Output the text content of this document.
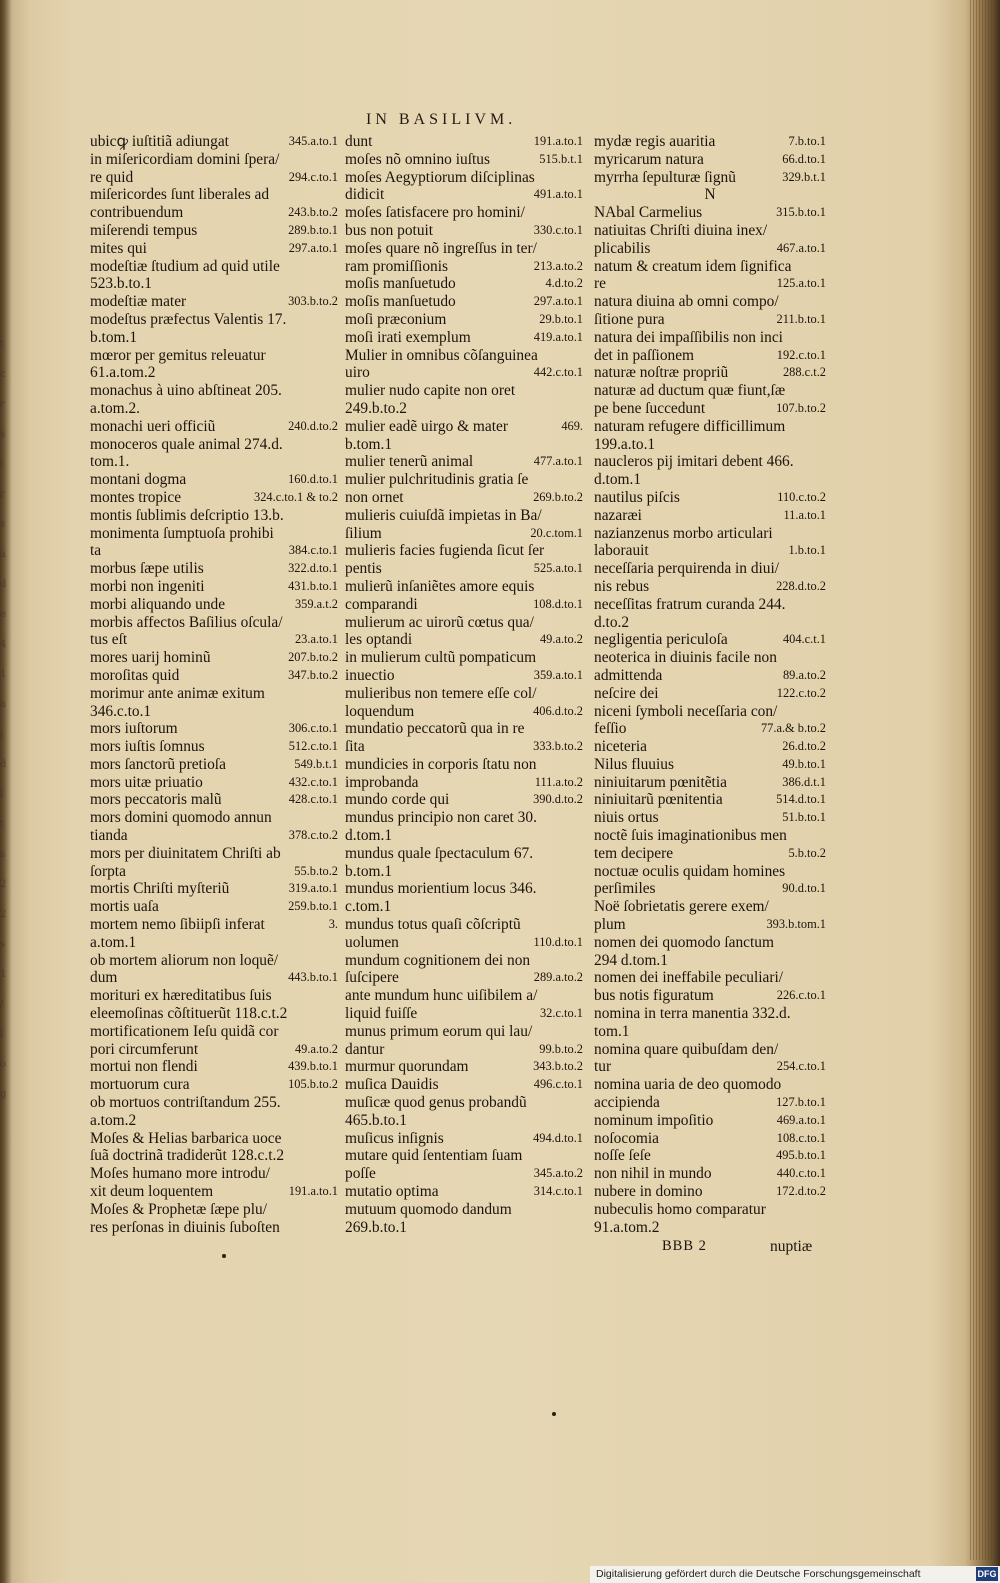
t
c
r
s
i
r
s
a
d
e
4
1
a
j
d
i
t
s
2
2
s
1
/
i
o
g
IN BASILIVM.
ubicꝙ iuſtitiã adiungat	345.a.to.1
in miſericordiam domini ſpera/
re quid	294.c.to.1
miſericordes ſunt liberales ad
contribuendum	243.b.to.2
miſerendi tempus	289.b.to.1
mites qui	297.a.to.1
modeſtiæ ſtudium ad quid utile
523.b.to.1
modeſtiæ mater	303.b.to.2
modeſtus præfectus Valentis 17.
b.tom.1
mœror per gemitus releuatur
61.a.tom.2
monachus à uino abſtineat 205.
a.tom.2.
monachi ueri officiũ	240.d.to.2
monoceros quale animal 274.d.
tom.1.
montani dogma	160.d.to.1
montes tropice	324.c.to.1 & to.2
montis ſublimis deſcriptio 13.b.
monimenta ſumptuoſa prohibi
ta	384.c.to.1
morbus ſæpe utilis	322.d.to.1
morbi non ingeniti	431.b.to.1
morbi aliquando unde	359.a.t.2
morbis affectos Baſilius oſcula/
tus eſt	23.a.to.1
mores uarij hominũ	207.b.to.2
moroſitas quid	347.b.to.2
morimur ante animæ exitum
346.c.to.1
mors iuſtorum	306.c.to.1
mors iuſtis ſomnus	512.c.to.1
mors ſanctorũ pretioſa	549.b.t.1
mors uitæ priuatio	432.c.to.1
mors peccatoris malũ	428.c.to.1
mors domini quomodo annun
tianda	378.c.to.2
mors per diuinitatem Chriſti ab
ſorpta	55.b.to.2
mortis Chriſti myſteriũ	319.a.to.1
mortis uaſa	259.b.to.1
mortem nemo ſibiipſi inferat	3.
a.tom.1
ob mortem aliorum non loquẽ/
dum	443.b.to.1
morituri ex hæreditatibus ſuis
eleemoſinas cõſtituerũt 118.c.t.2
mortificationem Ieſu quidã cor
pori circumferunt	49.a.to.2
mortui non flendi	439.b.to.1
mortuorum cura	105.b.to.2
ob mortuos contriſtandum 255.
a.tom.2
Moſes & Helias barbarica uoce
ſuã doctrinã tradiderũt 128.c.t.2
Moſes humano more introdu/
xit deum loquentem	191.a.to.1
Moſes & Prophetæ ſæpe plu/
res perſonas in diuinis ſuboſten
dunt	191.a.to.1
moſes nõ omnino iuſtus	515.b.t.1
moſes Aegyptiorum diſciplinas
didicit	491.a.to.1
moſes ſatisfacere pro homini/
bus non potuit	330.c.to.1
moſes quare nõ ingreſſus in ter/
ram promiſſionis	213.a.to.2
moſis manſuetudo	4.d.to.2
moſis manſuetudo	297.a.to.1
moſi præconium	29.b.to.1
moſi irati exemplum	419.a.to.1
Mulier in omnibus cõſanguinea
uiro	442.c.to.1
mulier nudo capite non oret
249.b.to.2
mulier eadẽ uirgo & mater	469.
b.tom.1
mulier tenerũ animal	477.a.to.1
mulier pulchritudinis gratia ſe
non ornet	269.b.to.2
mulieris cuiuſdã impietas in Ba/
ſilium	20.c.tom.1
mulieris facies fugienda ſicut ſer
pentis	525.a.to.1
mulierũ inſaniẽtes amore equis
comparandi	108.d.to.1
mulierum ac uirorũ cœtus qua/
les optandi	49.a.to.2
in mulierum cultũ pompaticum
inuectio	359.a.to.1
mulieribus non temere eſſe col/
loquendum	406.d.to.2
mundatio peccatorũ qua in re
ſita	333.b.to.2
mundicies in corporis ſtatu non
improbanda	111.a.to.2
mundo corde qui	390.d.to.2
mundus principio non caret 30.
d.tom.1
mundus quale ſpectaculum 67.
b.tom.1
mundus morientium locus 346.
c.tom.1
mundus totus quaſi cõſcriptũ
uolumen	110.d.to.1
mundum cognitionem dei non
ſuſcipere	289.a.to.2
ante mundum hunc uiſibilem a/
liquid fuiſſe	32.c.to.1
munus primum eorum qui lau/
dantur	99.b.to.2
murmur quorundam	343.b.to.2
muſica Dauidis	496.c.to.1
muſicæ quod genus probandũ
465.b.to.1
muſicus inſignis	494.d.to.1
mutare quid ſententiam ſuam
poſſe	345.a.to.2
mutatio optima	314.c.to.1
mutuum quomodo dandum
269.b.to.1
mydæ regis auaritia	7.b.to.1
myricarum natura	66.d.to.1
myrrha ſepulturæ ſignũ	329.b.t.1
N
NAbal Carmelius	315.b.to.1
natiuitas Chriſti diuina inex/
plicabilis	467.a.to.1
natum & creatum idem ſignifica
re	125.a.to.1
natura diuina ab omni compo/
ſitione pura	211.b.to.1
natura dei impaſſibilis non inci
det in paſſionem	192.c.to.1
naturæ noſtræ propriũ	288.c.t.2
naturæ ad ductum quæ fiunt,ſæ
pe bene ſuccedunt	107.b.to.2
naturam refugere difficillimum
199.a.to.1
naucleros pij imitari debent 466.
d.tom.1
nautilus piſcis	110.c.to.2
nazaræi	11.a.to.1
nazianzenus morbo articulari
laborauit	1.b.to.1
neceſſaria perquirenda in diui/
nis rebus	228.d.to.2
neceſſitas fratrum curanda 244.
d.to.2
negligentia periculoſa	404.c.t.1
neoterica in diuinis facile non
admittenda	89.a.to.2
neſcire dei	122.c.to.2
niceni ſymboli neceſſaria con/
feſſio	77.a.& b.to.2
niceteria	26.d.to.2
Nilus fluuius	49.b.to.1
niniuitarum pœnitẽtia	386.d.t.1
niniuitarũ pœnitentia	514.d.to.1
niuis ortus	51.b.to.1
noctẽ ſuis imaginationibus men
tem decipere	5.b.to.2
noctuæ oculis quidam homines
perſimiles	90.d.to.1
Noë ſobrietatis gerere exem/
plum	393.b.tom.1
nomen dei quomodo ſanctum
294 d.tom.1
nomen dei ineffabile peculiari/
bus notis figuratum	226.c.to.1
nomina in terra manentia 332.d.
tom.1
nomina quare quibuſdam den/
tur	254.c.to.1
nomina uaria de deo quomodo
accipienda	127.b.to.1
nominum impoſitio	469.a.to.1
noſocomia	108.c.to.1
noſſe ſeſe	495.b.to.1
non nihil in mundo	440.c.to.1
nubere in domino	172.d.to.2
nubeculis homo comparatur
91.a.tom.2
BBB 2	nuptiæ
Digitalisierung gefördert durch die Deutsche Forschungsgemeinschaft	DFG
